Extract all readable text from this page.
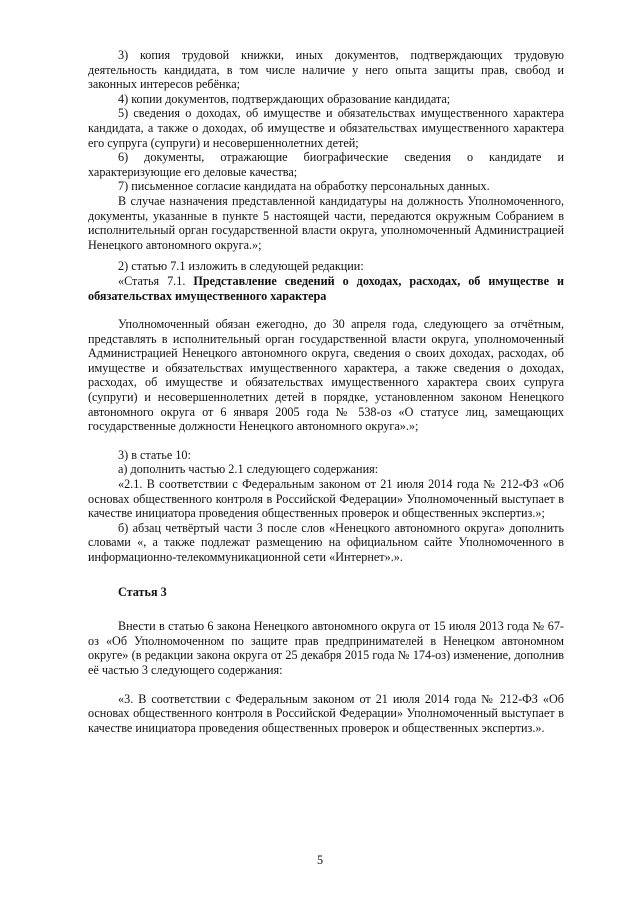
3) копия трудовой книжки, иных документов, подтверждающих трудовую деятельность кандидата, в том числе наличие у него опыта защиты прав, свобод и законных интересов ребёнка;

4) копии документов, подтверждающих образование кандидата;

5) сведения о доходах, об имуществе и обязательствах имущественного характера кандидата, а также о доходах, об имуществе и обязательствах имущественного характера его супруга (супруги) и несовершеннолетних детей;

6) документы, отражающие биографические сведения о кандидате и характеризующие его деловые качества;

7) письменное согласие кандидата на обработку персональных данных.

В случае назначения представленной кандидатуры на должность Уполномоченного, документы, указанные в пункте 5 настоящей части, передаются окружным Собранием в исполнительный орган государственной власти округа, уполномоченный Администрацией Ненецкого автономного округа.»;

2) статью 7.1 изложить в следующей редакции:

«Статья 7.1. Представление сведений о доходах, расходах, об имуществе и обязательствах имущественного характера

Уполномоченный обязан ежегодно, до 30 апреля года, следующего за отчётным, представлять в исполнительный орган государственной власти округа, уполномоченный Администрацией Ненецкого автономного округа, сведения о своих доходах, расходах, об имуществе и обязательствах имущественного характера, а также сведения о доходах, расходах, об имуществе и обязательствах имущественного характера своих супруга (супруги) и несовершеннолетних детей в порядке, установленном законом Ненецкого автономного округа от 6 января 2005 года № 538-оз «О статусе лиц, замещающих государственные должности Ненецкого автономного округа».»;

3) в статье 10:

а) дополнить частью 2.1 следующего содержания:

«2.1. В соответствии с Федеральным законом от 21 июля 2014 года № 212-ФЗ «Об основах общественного контроля в Российской Федерации» Уполномоченный выступает в качестве инициатора проведения общественных проверок и общественных экспертиз.»;

б) абзац четвёртый части 3 после слов «Ненецкого автономного округа» дополнить словами «, а также подлежат размещению на официальном сайте Уполномоченного в информационно-телекоммуникационной сети «Интернет».».

Статья 3

Внести в статью 6 закона Ненецкого автономного округа от 15 июля 2013 года № 67-оз «Об Уполномоченном по защите прав предпринимателей в Ненецком автономном округе» (в редакции закона округа от 25 декабря 2015 года № 174-оз) изменение, дополнив её частью 3 следующего содержания:

«3. В соответствии с Федеральным законом от 21 июля 2014 года № 212-ФЗ «Об основах общественного контроля в Российской Федерации» Уполномоченный выступает в качестве инициатора проведения общественных проверок и общественных экспертиз.».

5
